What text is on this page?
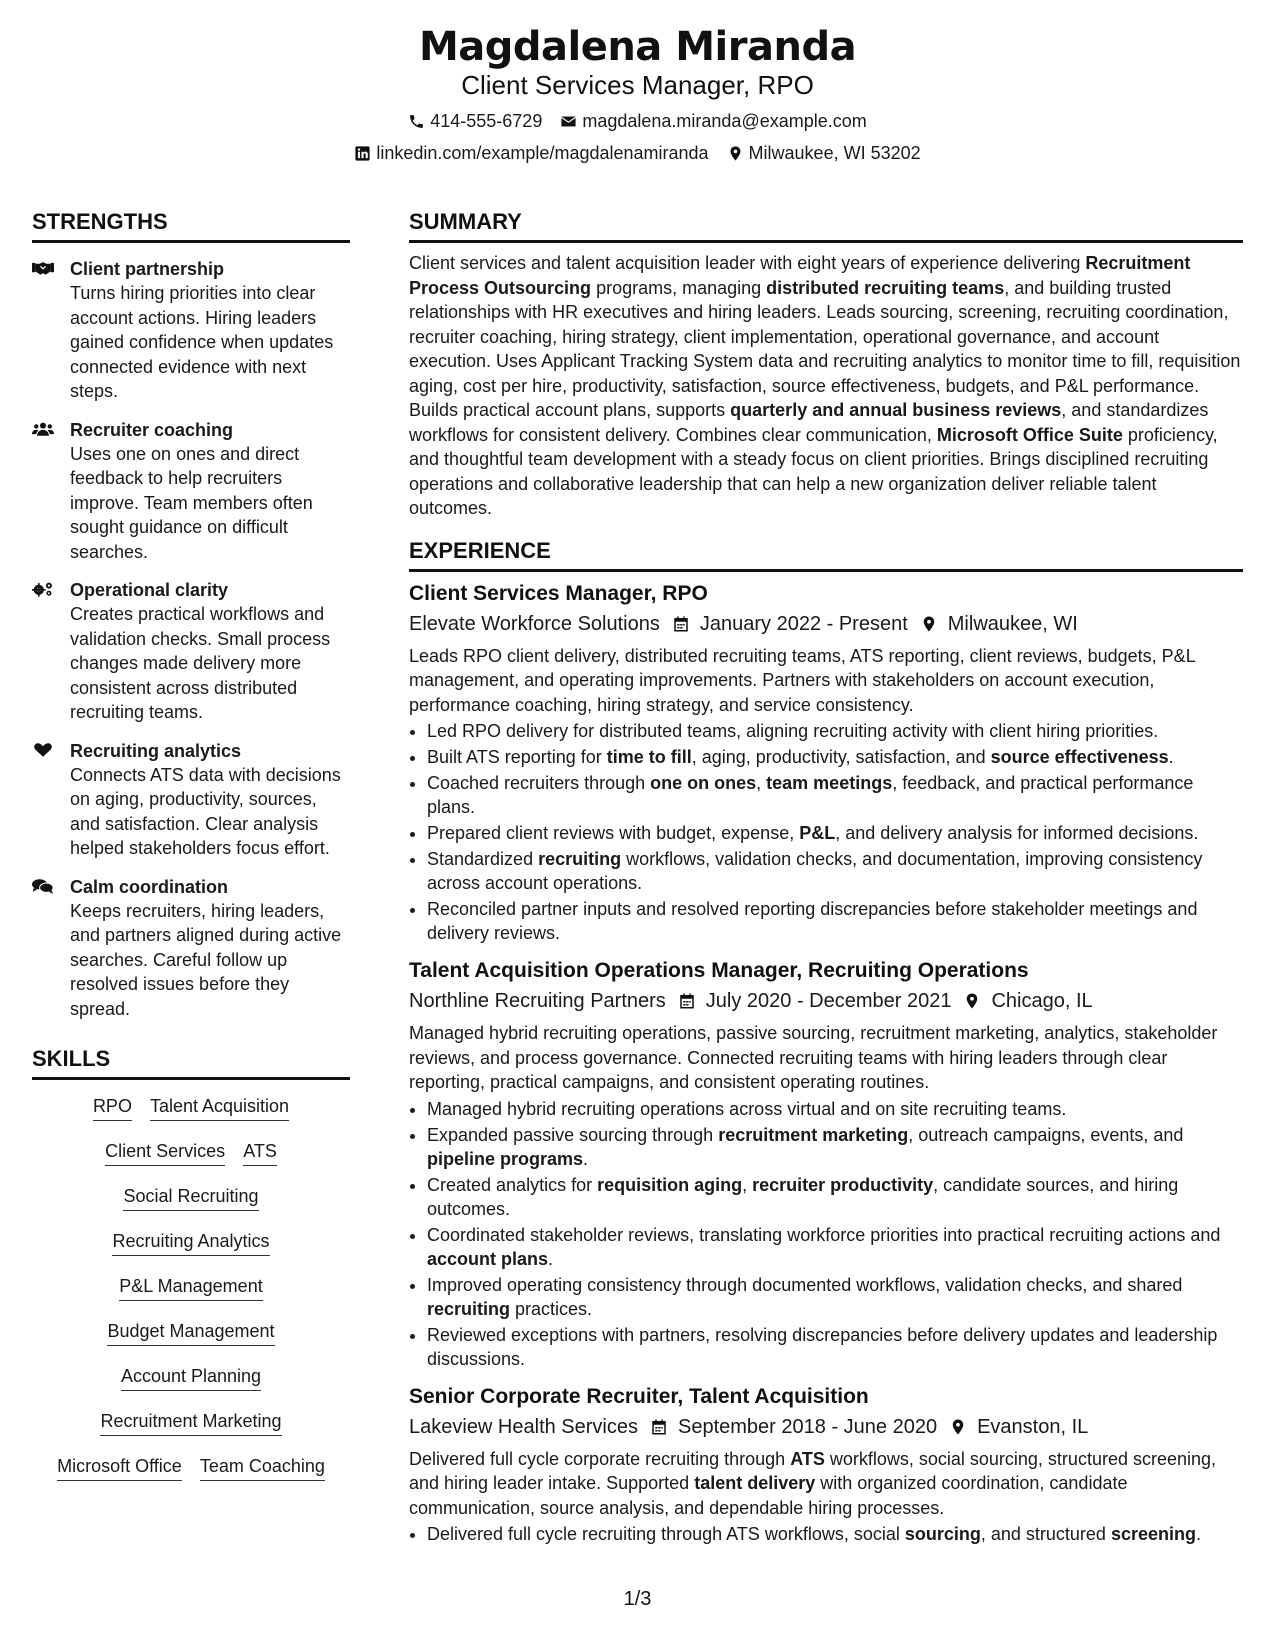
Magdalena Miranda
Client Services Manager, RPO
414-555-6729 magdalena.miranda@example.com
linkedin.com/example/magdalenamiranda Milwaukee, WI 53202
STRENGTHS
Client partnership
Turns hiring priorities into clear account actions. Hiring leaders gained confidence when updates connected evidence with next steps.
Recruiter coaching
Uses one on ones and direct feedback to help recruiters improve. Team members often sought guidance on difficult searches.
Operational clarity
Creates practical workflows and validation checks. Small process changes made delivery more consistent across distributed recruiting teams.
Recruiting analytics
Connects ATS data with decisions on aging, productivity, sources, and satisfaction. Clear analysis helped stakeholders focus effort.
Calm coordination
Keeps recruiters, hiring leaders, and partners aligned during active searches. Careful follow up resolved issues before they spread.
SKILLS
RPO Talent Acquisition
Client Services ATS
Social Recruiting
Recruiting Analytics
P&L Management
Budget Management
Account Planning
Recruitment Marketing
Microsoft Office Team Coaching
SUMMARY
Client services and talent acquisition leader with eight years of experience delivering Recruitment Process Outsourcing programs, managing distributed recruiting teams, and building trusted relationships with HR executives and hiring leaders. Leads sourcing, screening, recruiting coordination, recruiter coaching, hiring strategy, client implementation, operational governance, and account execution. Uses Applicant Tracking System data and recruiting analytics to monitor time to fill, requisition aging, cost per hire, productivity, satisfaction, source effectiveness, budgets, and P&L performance. Builds practical account plans, supports quarterly and annual business reviews, and standardizes workflows for consistent delivery. Combines clear communication, Microsoft Office Suite proficiency, and thoughtful team development with a steady focus on client priorities. Brings disciplined recruiting operations and collaborative leadership that can help a new organization deliver reliable talent outcomes.
EXPERIENCE
Client Services Manager, RPO
Elevate Workforce Solutions January 2022 - Present Milwaukee, WI
Leads RPO client delivery, distributed recruiting teams, ATS reporting, client reviews, budgets, P&L management, and operating improvements. Partners with stakeholders on account execution, performance coaching, hiring strategy, and service consistency.
• Led RPO delivery for distributed teams, aligning recruiting activity with client hiring priorities.
• Built ATS reporting for time to fill, aging, productivity, satisfaction, and source effectiveness.
• Coached recruiters through one on ones, team meetings, feedback, and practical performance plans.
• Prepared client reviews with budget, expense, P&L, and delivery analysis for informed decisions.
• Standardized recruiting workflows, validation checks, and documentation, improving consistency across account operations.
• Reconciled partner inputs and resolved reporting discrepancies before stakeholder meetings and delivery reviews.
Talent Acquisition Operations Manager, Recruiting Operations
Northline Recruiting Partners July 2020 - December 2021 Chicago, IL
Managed hybrid recruiting operations, passive sourcing, recruitment marketing, analytics, stakeholder reviews, and process governance. Connected recruiting teams with hiring leaders through clear reporting, practical campaigns, and consistent operating routines.
• Managed hybrid recruiting operations across virtual and on site recruiting teams.
• Expanded passive sourcing through recruitment marketing, outreach campaigns, events, and pipeline programs.
• Created analytics for requisition aging, recruiter productivity, candidate sources, and hiring outcomes.
• Coordinated stakeholder reviews, translating workforce priorities into practical recruiting actions and account plans.
• Improved operating consistency through documented workflows, validation checks, and shared recruiting practices.
• Reviewed exceptions with partners, resolving discrepancies before delivery updates and leadership discussions.
Senior Corporate Recruiter, Talent Acquisition
Lakeview Health Services September 2018 - June 2020 Evanston, IL
Delivered full cycle corporate recruiting through ATS workflows, social sourcing, structured screening, and hiring leader intake. Supported talent delivery with organized coordination, candidate communication, source analysis, and dependable hiring processes.
• Delivered full cycle recruiting through ATS workflows, social sourcing, and structured screening.
1/3
